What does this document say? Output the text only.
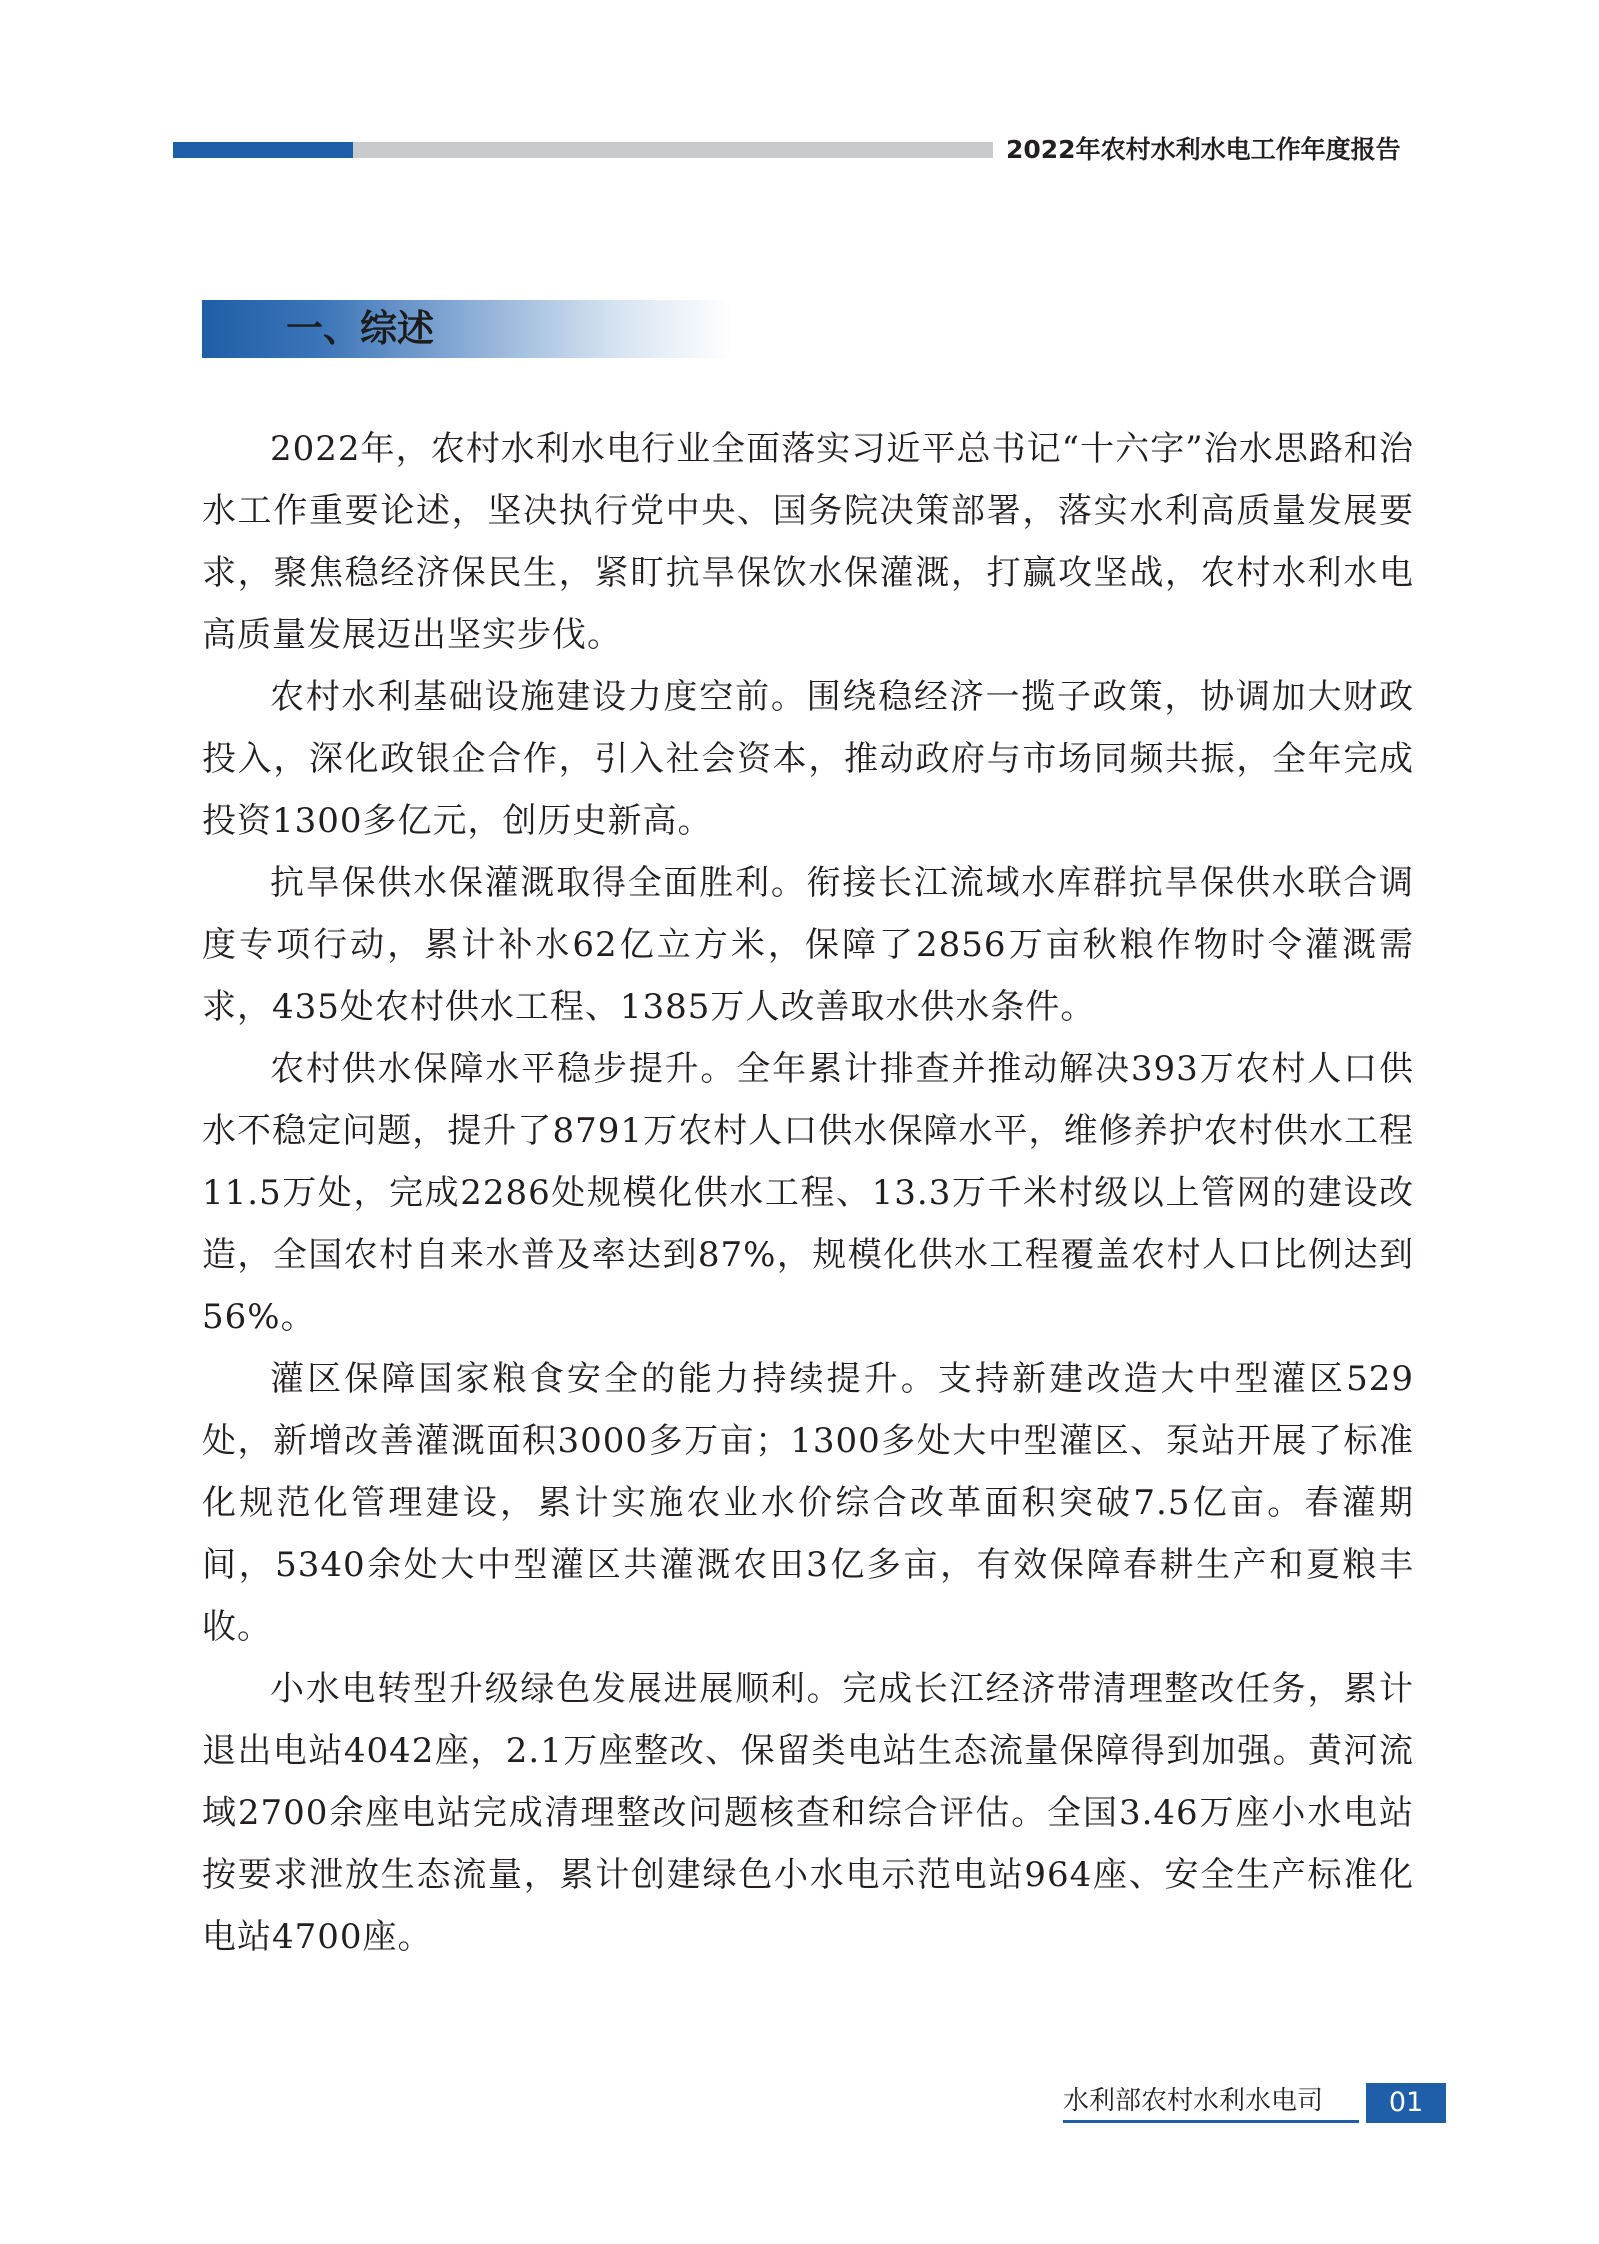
2022年农村水利水电工作年度报告
一、综述

2022年，农村水利水电行业全面落实习近平总书记“十六字”治水思路和治水工作重要论述，坚决执行党中央、国务院决策部署，落实水利高质量发展要求，聚焦稳经济保民生，紧盯抗旱保饮水保灌溉，打赢攻坚战，农村水利水电高质量发展迈出坚实步伐。

农村水利基础设施建设力度空前。围绕稳经济一揽子政策，协调加大财政投入，深化政银企合作，引入社会资本，推动政府与市场同频共振，全年完成投资1300多亿元，创历史新高。

抗旱保供水保灌溉取得全面胜利。衔接长江流域水库群抗旱保供水联合调度专项行动，累计补水62亿立方米，保障了2856万亩秋粮作物时令灌溉需求，435处农村供水工程、1385万人改善取水供水条件。

农村供水保障水平稳步提升。全年累计排查并推动解决393万农村人口供水不稳定问题，提升了8791万农村人口供水保障水平，维修养护农村供水工程11.5万处，完成2286处规模化供水工程、13.3万千米村级以上管网的建设改造，全国农村自来水普及率达到87%，规模化供水工程覆盖农村人口比例达到56%。

灌区保障国家粮食安全的能力持续提升。支持新建改造大中型灌区529处，新增改善灌溉面积3000多万亩；1300多处大中型灌区、泵站开展了标准化规范化管理建设，累计实施农业水价综合改革面积突破7.5亿亩。春灌期间，5340余处大中型灌区共灌溉农田3亿多亩，有效保障春耕生产和夏粮丰收。

小水电转型升级绿色发展进展顺利。完成长江经济带清理整改任务，累计退出电站4042座，2.1万座整改、保留类电站生态流量保障得到加强。黄河流域2700余座电站完成清理整改问题核查和综合评估。全国3.46万座小水电站按要求泄放生态流量，累计创建绿色小水电示范电站964座、安全生产标准化电站4700座。

水利部农村水利水电司	01
